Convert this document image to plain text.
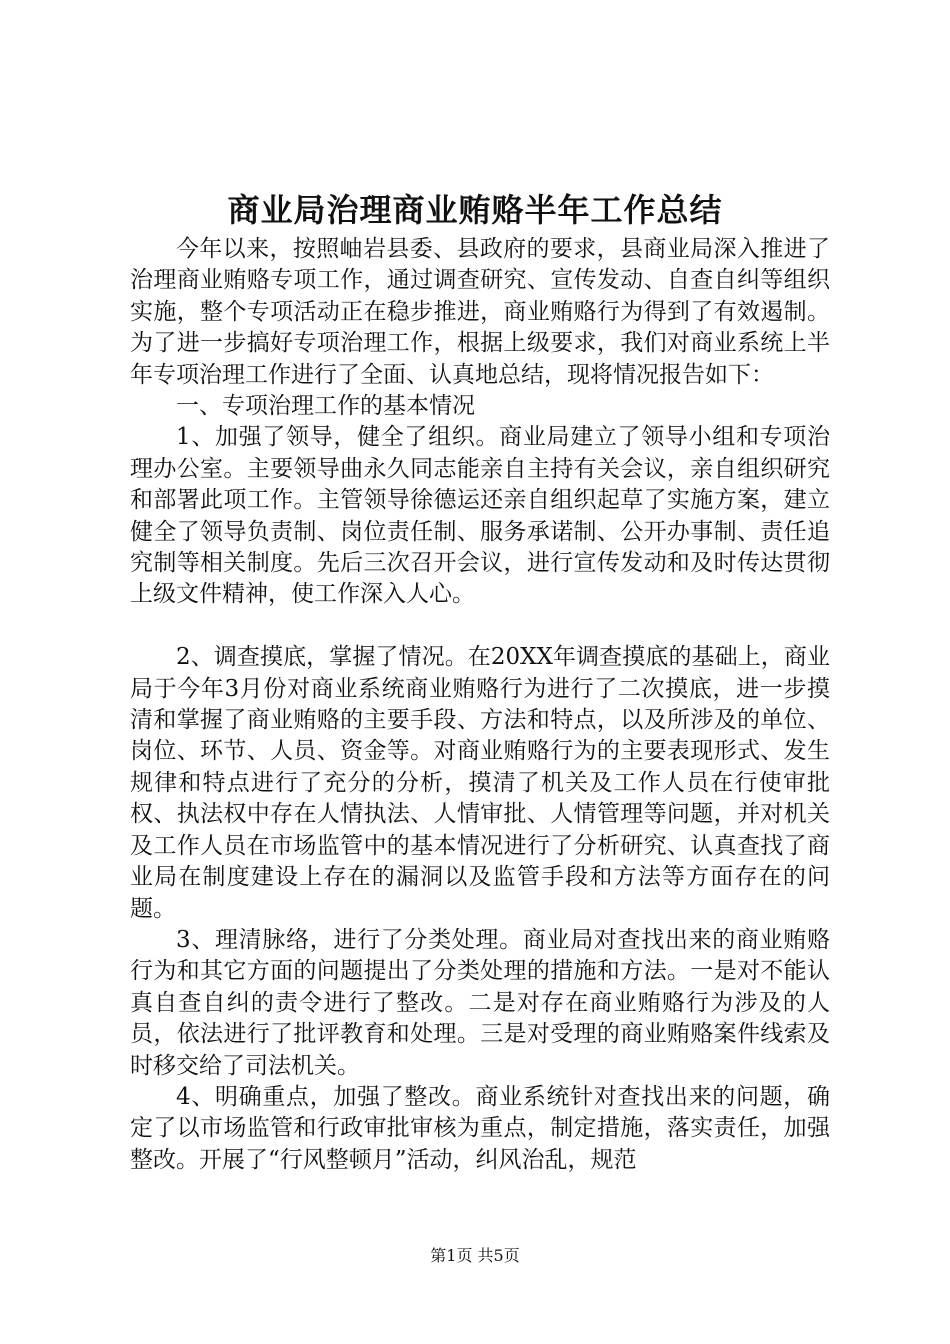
商业局治理商业贿赂半年工作总结

今年以来，按照岫岩县委、县政府的要求，县商业局深入推进了治理商业贿赂专项工作，通过调查研究、宣传发动、自查自纠等组织实施，整个专项活动正在稳步推进，商业贿赂行为得到了有效遏制。为了进一步搞好专项治理工作，根据上级要求，我们对商业系统上半年专项治理工作进行了全面、认真地总结，现将情况报告如下：

一、专项治理工作的基本情况

1、加强了领导，健全了组织。商业局建立了领导小组和专项治理办公室。主要领导曲永久同志能亲自主持有关会议，亲自组织研究和部署此项工作。主管领导徐德运还亲自组织起草了实施方案，建立健全了领导负责制、岗位责任制、服务承诺制、公开办事制、责任追究制等相关制度。先后三次召开会议，进行宣传发动和及时传达贯彻上级文件精神，使工作深入人心。

2、调查摸底，掌握了情况。在20XX年调查摸底的基础上，商业局于今年3月份对商业系统商业贿赂行为进行了二次摸底，进一步摸清和掌握了商业贿赂的主要手段、方法和特点，以及所涉及的单位、岗位、环节、人员、资金等。对商业贿赂行为的主要表现形式、发生规律和特点进行了充分的分析，摸清了机关及工作人员在行使审批权、执法权中存在人情执法、人情审批、人情管理等问题，并对机关及工作人员在市场监管中的基本情况进行了分析研究、认真查找了商业局在制度建设上存在的漏洞以及监管手段和方法等方面存在的问题。

3、理清脉络，进行了分类处理。商业局对查找出来的商业贿赂行为和其它方面的问题提出了分类处理的措施和方法。一是对不能认真自查自纠的责令进行了整改。二是对存在商业贿赂行为涉及的人员，依法进行了批评教育和处理。三是对受理的商业贿赂案件线索及时移交给了司法机关。

4、明确重点，加强了整改。商业系统针对查找出来的问题，确定了以市场监管和行政审批审核为重点，制定措施，落实责任，加强整改。开展了“行风整顿月”活动，纠风治乱，规范

第1页 共5页
